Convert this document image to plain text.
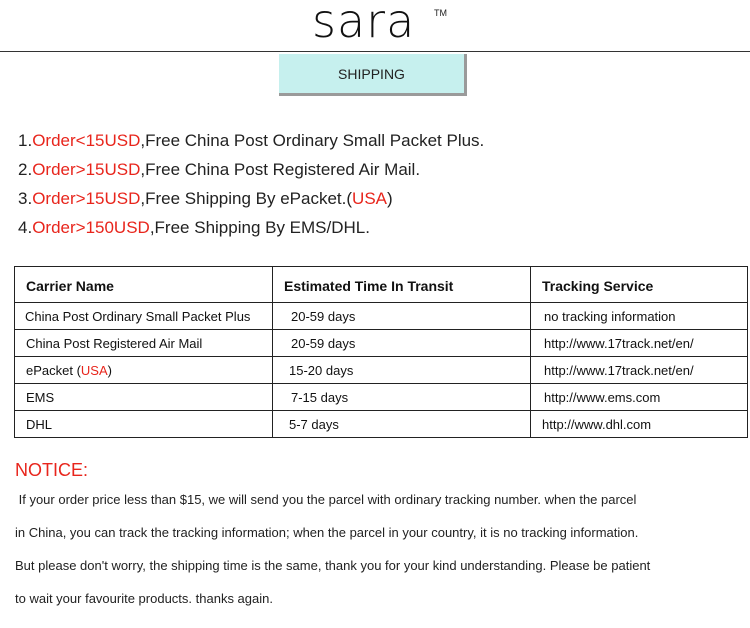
sara TM
SHIPPING
1.Order<15USD,Free China Post Ordinary Small Packet Plus.
2.Order>15USD,Free China Post Registered Air Mail.
3.Order>15USD,Free Shipping By ePacket.(USA)
4.Order>150USD,Free Shipping By EMS/DHL.
Carrier Name	Estimated Time In Transit	Tracking Service
China Post Ordinary Small Packet Plus	20-59 days	no tracking information
China Post Registered Air Mail	20-59 days	http://www.17track.net/en/
ePacket (USA)	15-20 days	http://www.17track.net/en/
EMS	7-15 days	http://www.ems.com
DHL	5-7 days	http://www.dhl.com
NOTICE:
If your order price less than $15, we will send you the parcel with ordinary tracking number. when the parcel
in China, you can track the tracking information; when the parcel in your country, it is no tracking information.
But please don't worry, the shipping time is the same, thank you for your kind understanding. Please be patient
to wait your favourite products. thanks again.
